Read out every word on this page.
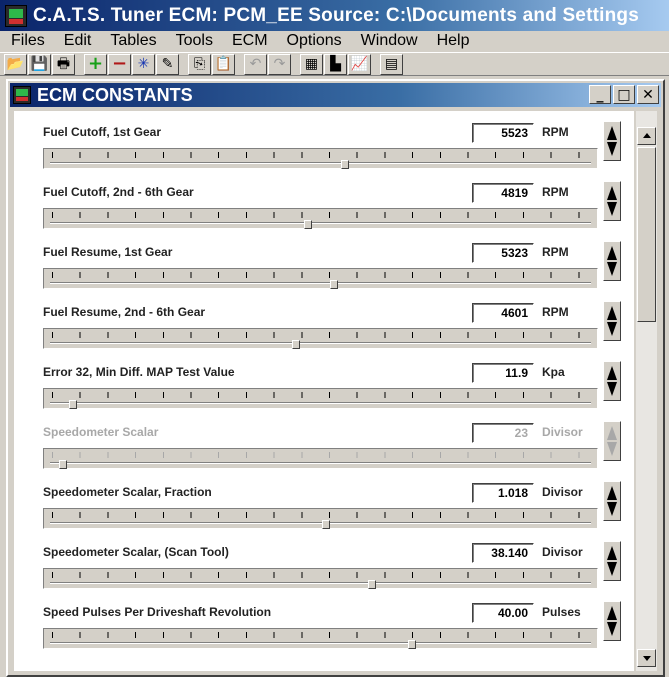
C.A.T.S. Tuner ECM: PCM_EE Source: C:\Documents and Settings
Files	Edit	Tables	Tools	ECM	Options	Window	Help
📂 💾 🖶 + − ✳ ✎ ⎘ 📋 ↶ ↷ ▦ ▙ 📈 ▤
ECM CONSTANTS	_ □ ✕
Fuel Cutoff, 1st Gear	5523	RPM
Fuel Cutoff, 2nd - 6th Gear	4819	RPM
Fuel Resume, 1st Gear	5323	RPM
Fuel Resume, 2nd - 6th Gear	4601	RPM
Error 32, Min Diff. MAP Test Value	11.9	Kpa
Speedometer Scalar	23	Divisor
Speedometer Scalar, Fraction	1.018	Divisor
Speedometer Scalar, (Scan Tool)	38.140	Divisor
Speed Pulses Per Driveshaft Revolution	40.00	Pulses
